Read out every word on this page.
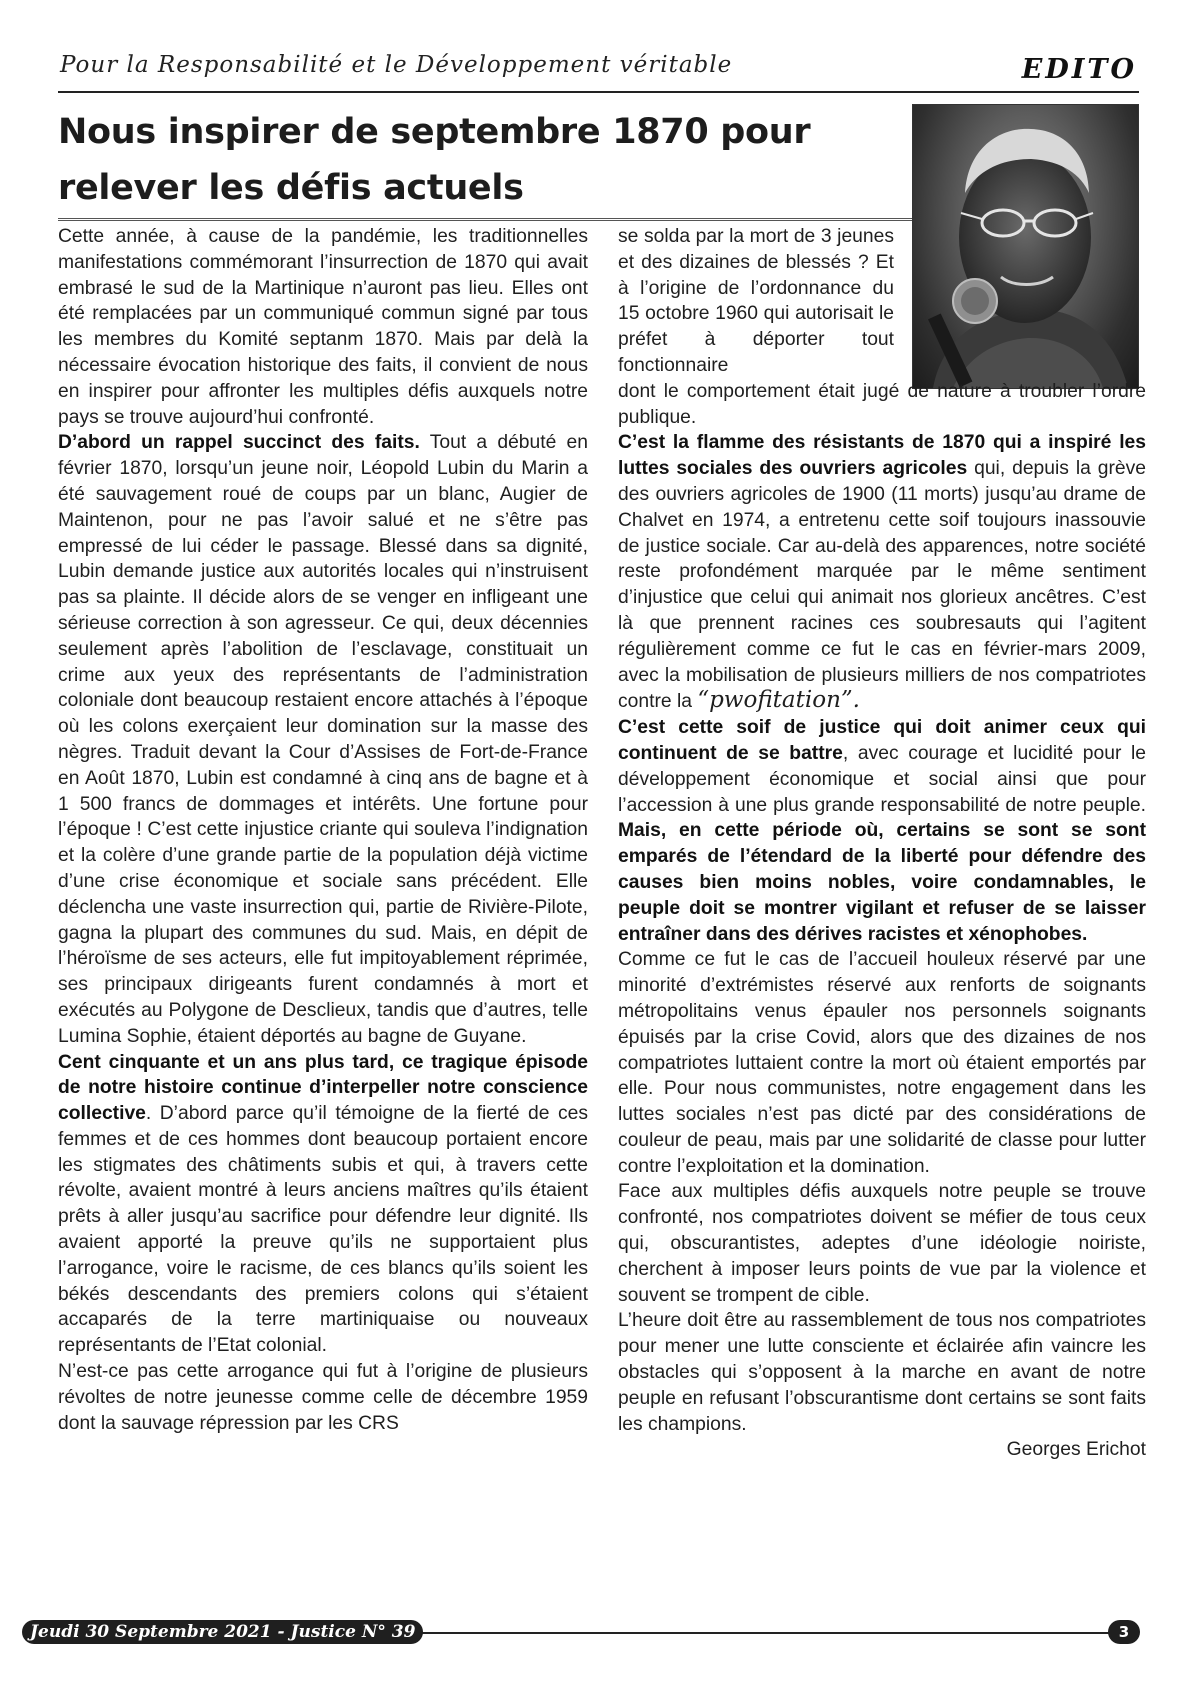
Pour la Responsabilité et le Développement véritable	EDITO
Nous inspirer de septembre 1870 pour relever les défis actuels

Cette année, à cause de la pandémie, les traditionnelles manifestations commémorant l’insurrection de 1870 qui avait embrasé le sud de la Martinique n’auront pas lieu. Elles ont été remplacées par un communiqué commun signé par tous les membres du Komité septanm 1870. Mais par delà la nécessaire évocation historique des faits, il convient de nous en inspirer pour affronter les multiples défis auxquels notre pays se trouve aujourd’hui confronté.

D’abord un rappel succinct des faits. Tout a débuté en février 1870, lorsqu’un jeune noir, Léopold Lubin du Marin a été sauvagement roué de coups par un blanc, Augier de Maintenon, pour ne pas l’avoir salué et ne s’être pas empressé de lui céder le passage. Blessé dans sa dignité, Lubin demande justice aux autorités locales qui n’instruisent pas sa plainte. Il décide alors de se venger en infligeant une sérieuse correction à son agresseur. Ce qui, deux décennies seulement après l’abolition de l’esclavage, constituait un crime aux yeux des représentants de l’administration coloniale dont beaucoup restaient encore attachés à l’époque où les colons exerçaient leur domination sur la masse des nègres. Traduit devant la Cour d’Assises de Fort-de-France en Août 1870, Lubin est condamné à cinq ans de bagne et à 1 500 francs de dommages et intérêts. Une fortune pour l’époque ! C’est cette injustice criante qui souleva l’indignation et la colère d’une grande partie de la population déjà victime d’une crise économique et sociale sans précédent. Elle déclencha une vaste insurrection qui, partie de Rivière-Pilote, gagna la plupart des communes du sud. Mais, en dépit de l’héroïsme de ses acteurs, elle fut impitoyablement réprimée, ses principaux dirigeants furent condamnés à mort et exécutés au Polygone de Desclieux, tandis que d’autres, telle Lumina Sophie, étaient déportés au bagne de Guyane.

Cent cinquante et un ans plus tard, ce tragique épisode de notre histoire continue d’interpeller notre conscience collective. D’abord parce qu’il témoigne de la fierté de ces femmes et de ces hommes dont beaucoup portaient encore les stigmates des châtiments subis et qui, à travers cette révolte, avaient montré à leurs anciens maîtres qu’ils étaient prêts à aller jusqu’au sacrifice pour défendre leur dignité. Ils avaient apporté la preuve qu’ils ne supportaient plus l’arrogance, voire le racisme, de ces blancs qu’ils soient les békés descendants des premiers colons qui s’étaient accaparés de la terre martiniquaise ou nouveaux représentants de l’Etat colonial.

N’est-ce pas cette arrogance qui fut à l’origine de plusieurs révoltes de notre jeunesse comme celle de décembre 1959 dont la sauvage répression par les CRS

se solda par la mort de 3 jeunes et des dizaines de blessés ? Et à l’origine de l’ordonnance du 15 octobre 1960 qui autorisait le préfet à déporter tout fonctionnaire

dont le comportement était jugé de nature à troubler l’ordre publique.

C’est la flamme des résistants de 1870 qui a inspiré les luttes sociales des ouvriers agricoles qui, depuis la grève des ouvriers agricoles de 1900 (11 morts) jusqu’au drame de Chalvet en 1974, a entretenu cette soif toujours inassouvie de justice sociale. Car au-delà des apparences, notre société reste profondément marquée par le même sentiment d’injustice que celui qui animait nos glorieux ancêtres. C’est là que prennent racines ces soubresauts qui l’agitent régulièrement comme ce fut le cas en février-mars 2009, avec la mobilisation de plusieurs milliers de nos compatriotes contre la “pwofitation”.

C’est cette soif de justice qui doit animer ceux qui continuent de se battre, avec courage et lucidité pour le développement économique et social ainsi que pour l’accession à une plus grande responsabilité de notre peuple. Mais, en cette période où, certains se sont se sont emparés de l’étendard de la liberté pour défendre des causes bien moins nobles, voire condamnables, le peuple doit se montrer vigilant et refuser de se laisser entraîner dans des dérives racistes et xénophobes.

Comme ce fut le cas de l’accueil houleux réservé par une minorité d’extrémistes réservé aux renforts de soignants métropolitains venus épauler nos personnels soignants épuisés par la crise Covid, alors que des dizaines de nos compatriotes luttaient contre la mort où étaient emportés par elle. Pour nous communistes, notre engagement dans les luttes sociales n’est pas dicté par des considérations de couleur de peau, mais par une solidarité de classe pour lutter contre l’exploitation et la domination.

Face aux multiples défis auxquels notre peuple se trouve confronté, nos compatriotes doivent se méfier de tous ceux qui, obscurantistes, adeptes d’une idéologie noiriste, cherchent à imposer leurs points de vue par la violence et souvent se trompent de cible.

L’heure doit être au rassemblement de tous nos compatriotes pour mener une lutte consciente et éclairée afin vaincre les obstacles qui s’opposent à la marche en avant de notre peuple en refusant l’obscurantisme dont certains se sont faits les champions.

Georges Erichot

Jeudi 30 Septembre 2021 - Justice N° 39	3
